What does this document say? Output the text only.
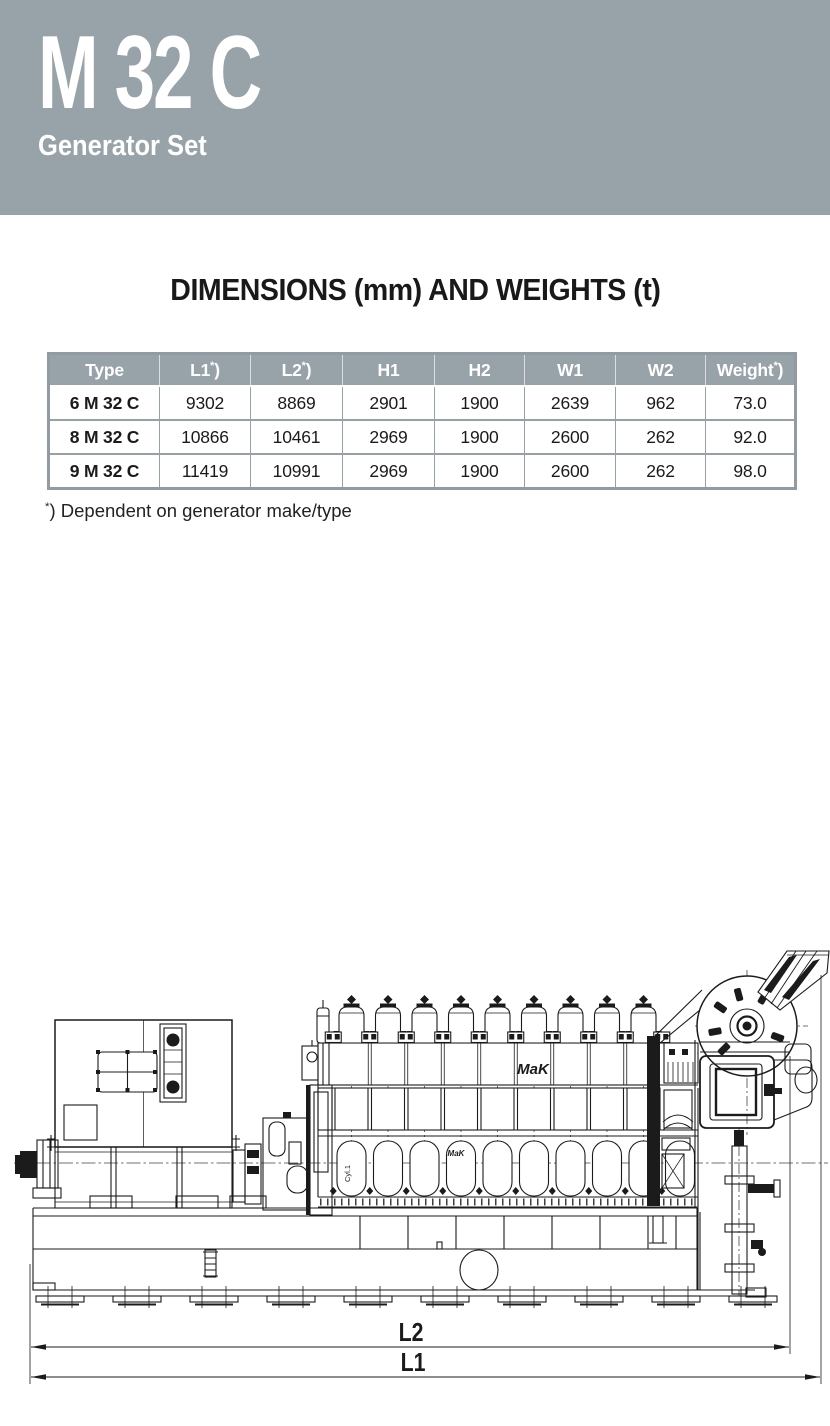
M 32 C
Generator Set
DIMENSIONS (mm) AND WEIGHTS (t)
Type	L1*)	L2*)	H1	H2	W1	W2	Weight*)
6 M 32 C	9302	8869	2901	1900	2639	962	73.0
8 M 32 C	10866	10461	2969	1900	2600	262	92.0
9 M 32 C	11419	10991	2969	1900	2600	262	98.0
*) Dependent on generator make/type
L2
L1
MaK
MaK
Cyl.1
